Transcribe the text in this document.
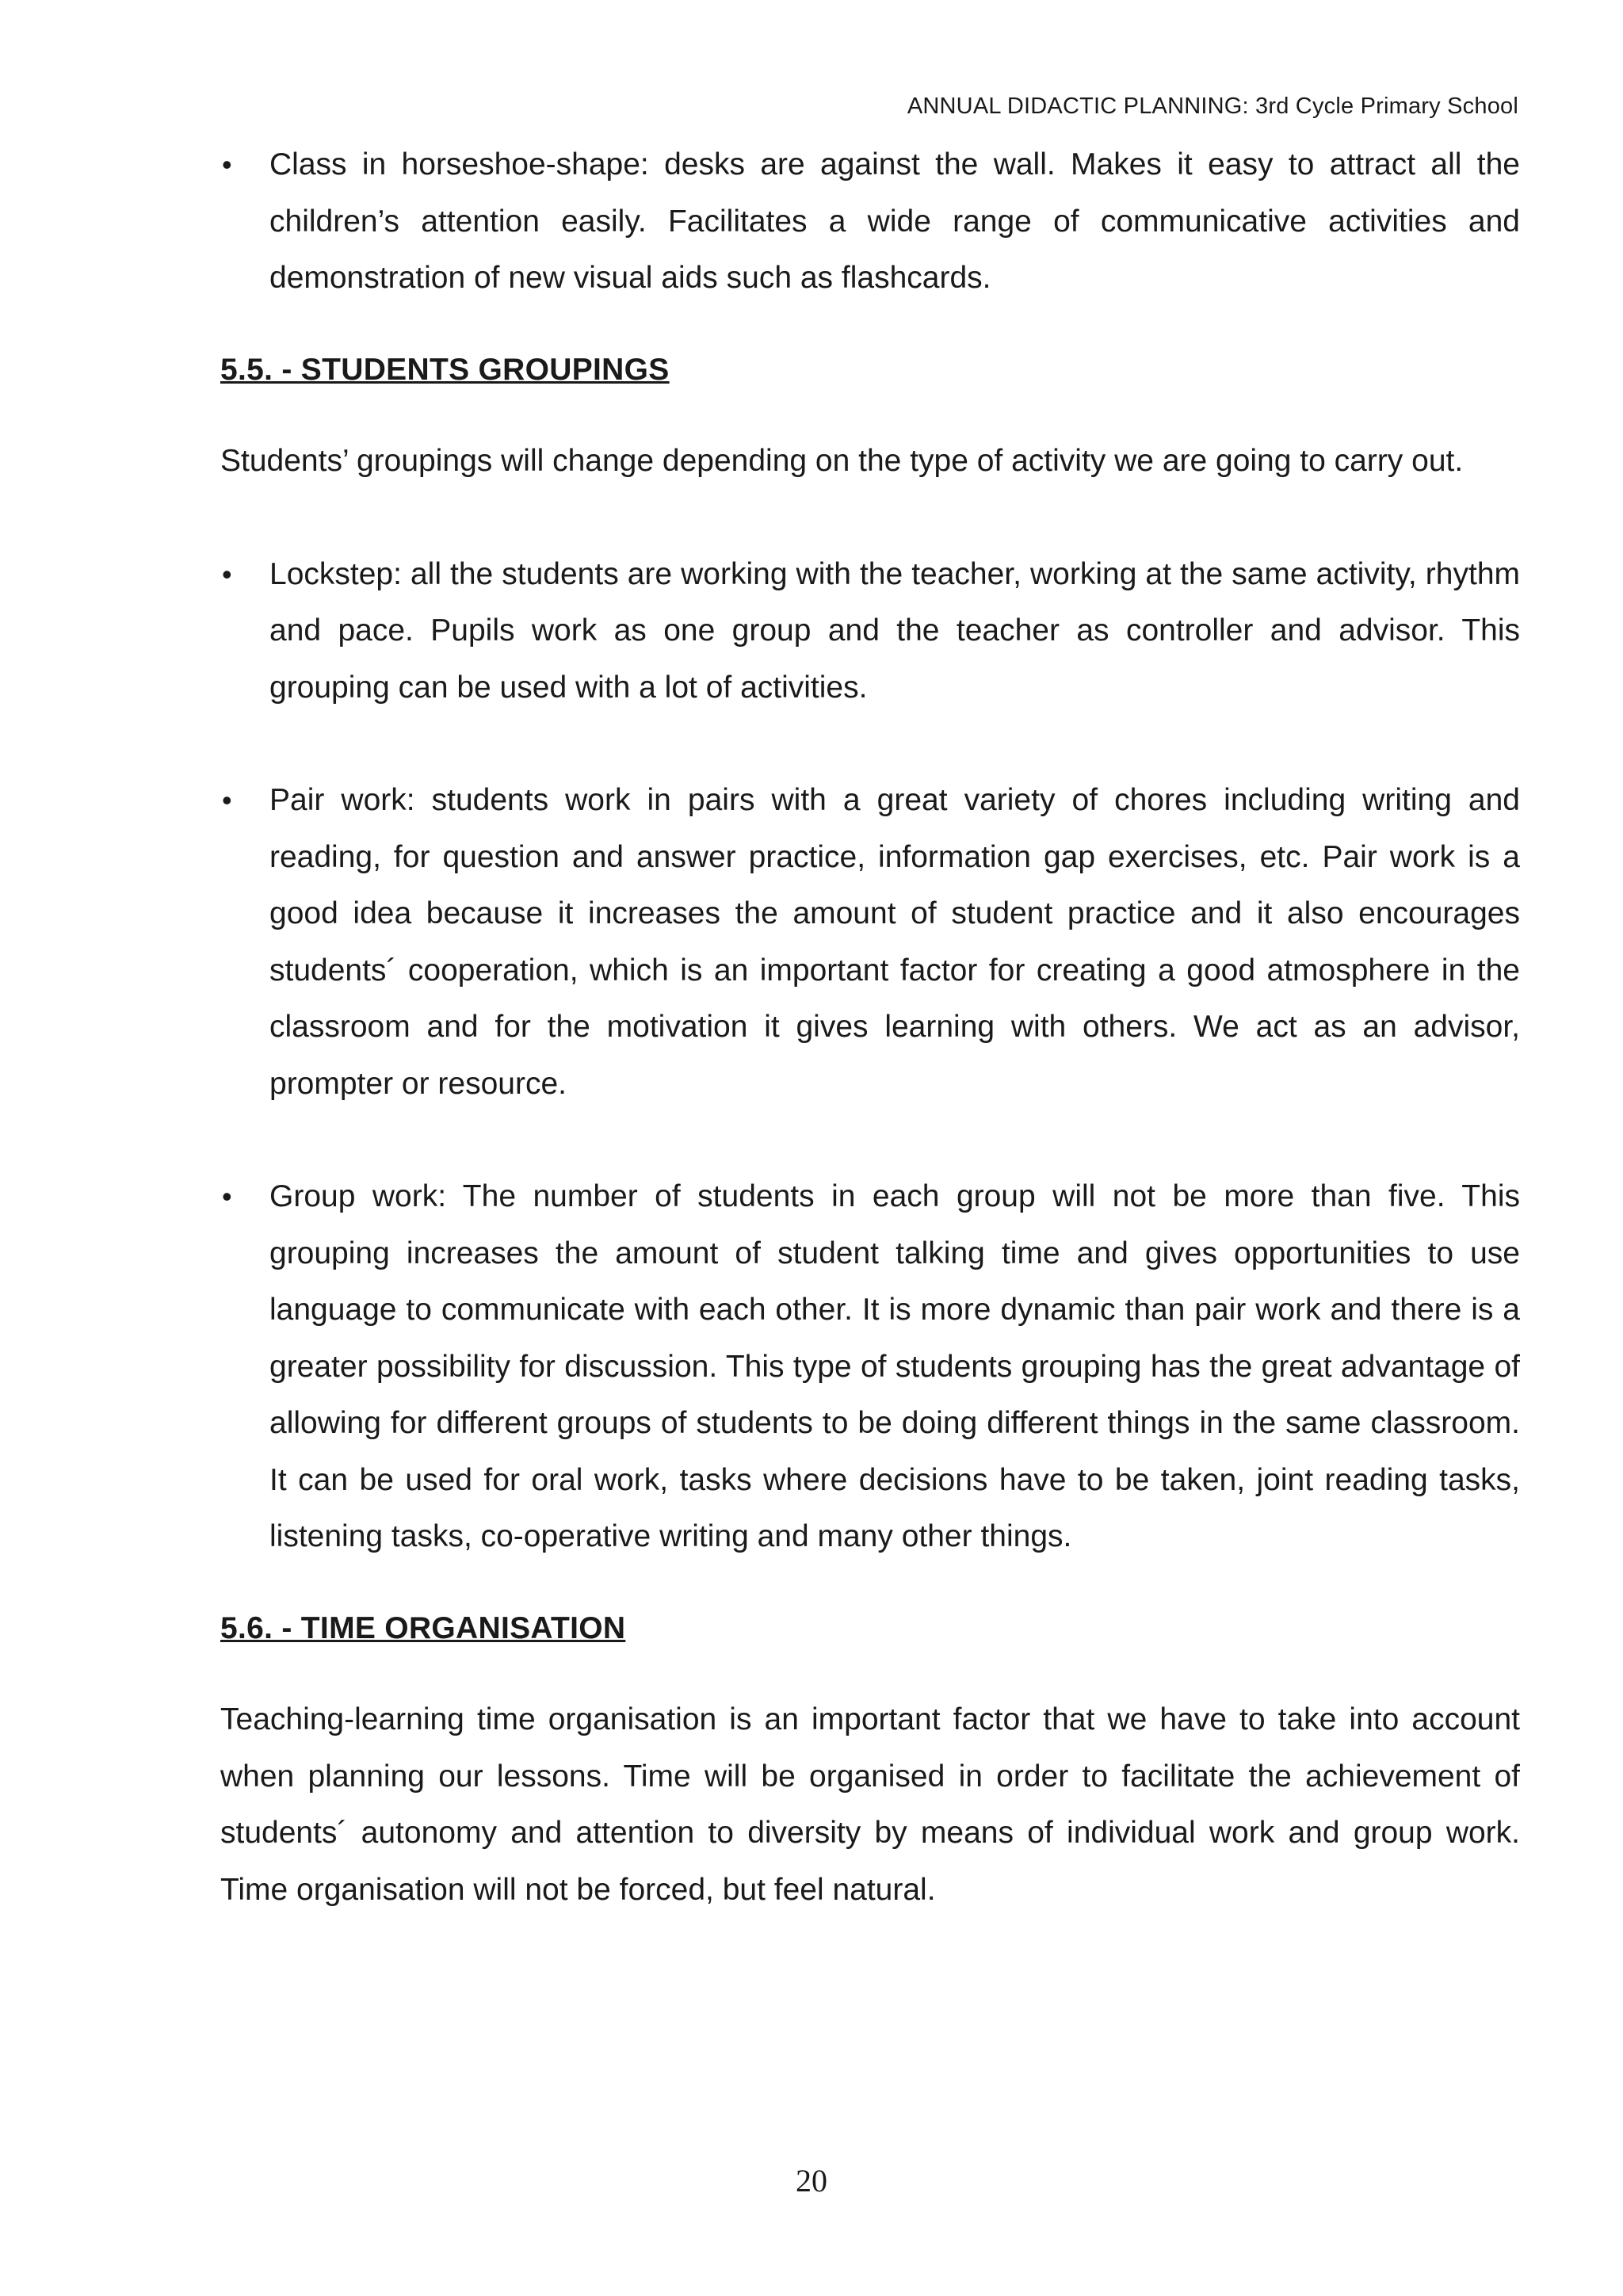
ANNUAL DIDACTIC PLANNING: 3rd Cycle Primary School

• Class in horseshoe-shape: desks are against the wall. Makes it easy to attract all the children’s attention easily. Facilitates a wide range of communicative activities and demonstration of new visual aids such as flashcards.

5.5. - STUDENTS GROUPINGS

Students’ groupings will change depending on the type of activity we are going to carry out.

• Lockstep: all the students are working with the teacher, working at the same activity, rhythm and pace. Pupils work as one group and the teacher as controller and advisor. This grouping can be used with a lot of activities.

• Pair work: students work in pairs with a great variety of chores including writing and reading, for question and answer practice, information gap exercises, etc. Pair work is a good idea because it increases the amount of student practice and it also encourages students´ cooperation, which is an important factor for creating a good atmosphere in the classroom and for the motivation it gives learning with others. We act as an advisor, prompter or resource.

• Group work: The number of students in each group will not be more than five. This grouping increases the amount of student talking time and gives opportunities to use language to communicate with each other. It is more dynamic than pair work and there is a greater possibility for discussion. This type of students grouping has the great advantage of allowing for different groups of students to be doing different things in the same classroom. It can be used for oral work, tasks where decisions have to be taken, joint reading tasks, listening tasks, co-operative writing and many other things.

5.6. - TIME ORGANISATION

Teaching-learning time organisation is an important factor that we have to take into account when planning our lessons. Time will be organised in order to facilitate the achievement of students´ autonomy and attention to diversity by means of individual work and group work. Time organisation will not be forced, but feel natural.

20
